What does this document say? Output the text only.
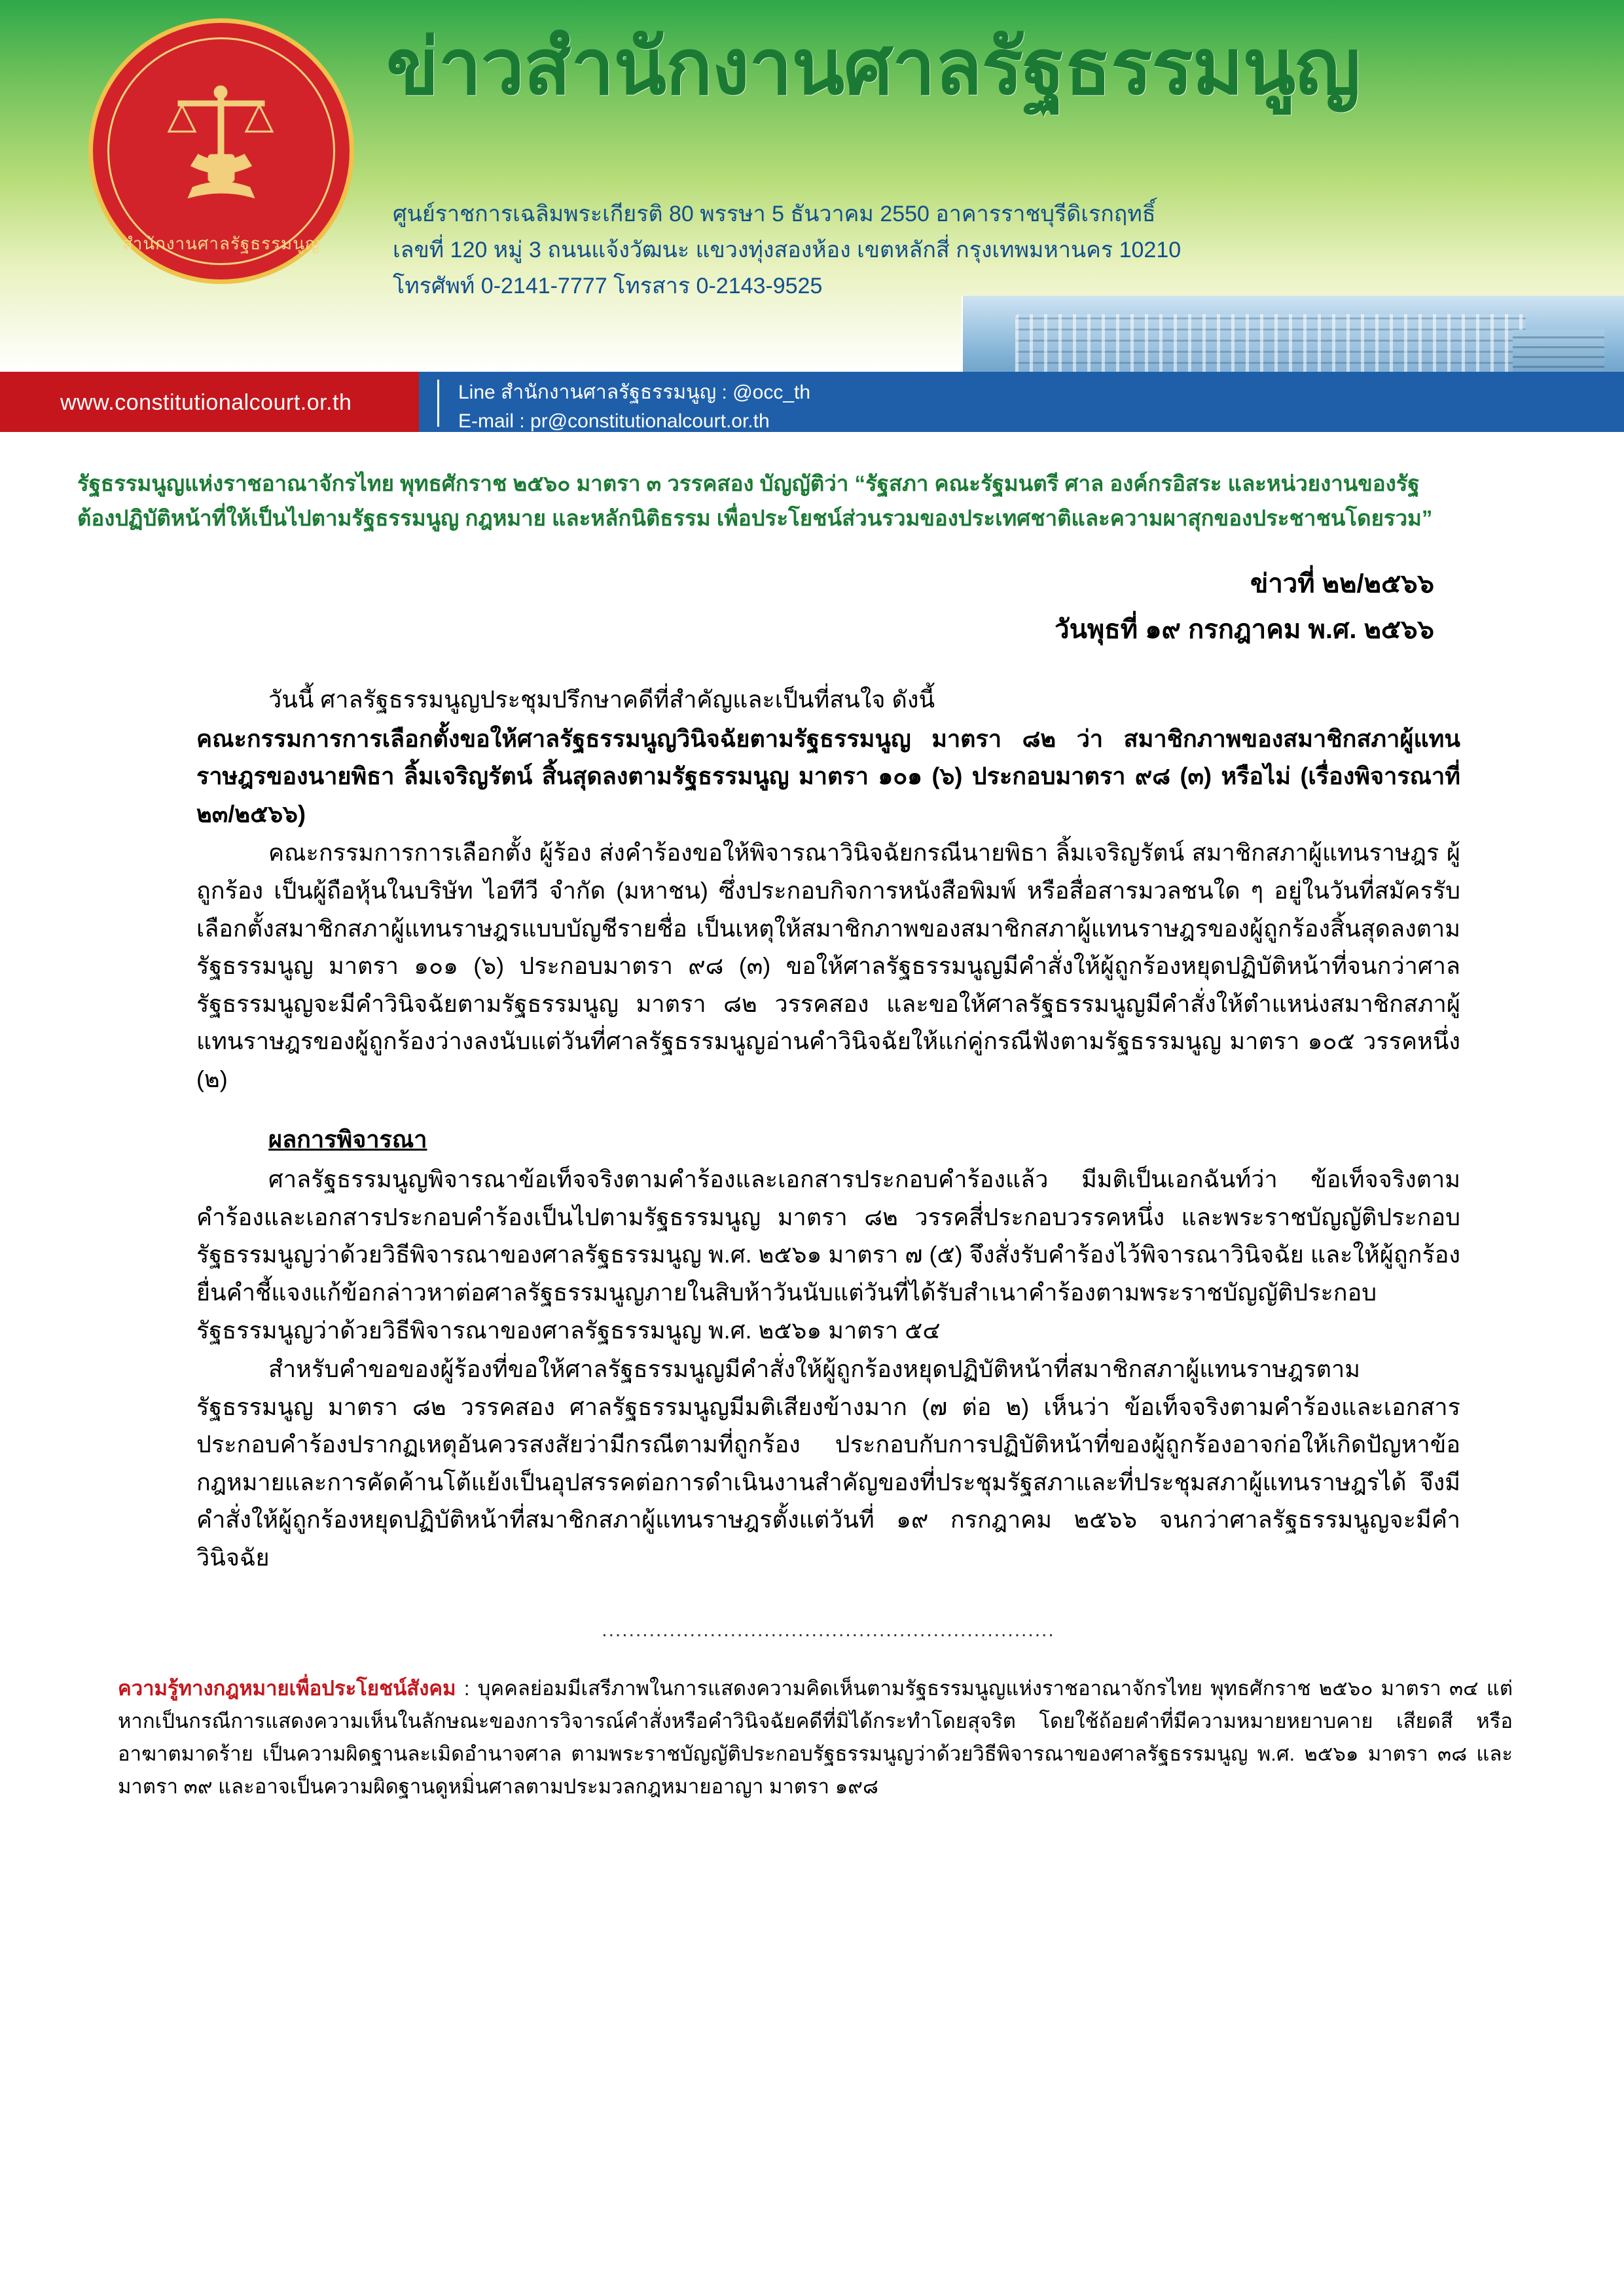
สำนักงานศาลรัฐธรรมนูญ
ข่าวสำนักงานศาลรัฐธรรมนูญ
ศูนย์ราชการเฉลิมพระเกียรติ 80 พรรษา 5 ธันวาคม 2550 อาคารราชบุรีดิเรกฤทธิ์
เลขที่ 120 หมู่ 3 ถนนแจ้งวัฒนะ แขวงทุ่งสองห้อง เขตหลักสี่ กรุงเทพมหานคร 10210
โทรศัพท์ 0-2141-7777 โทรสาร 0-2143-9525
www.constitutionalcourt.or.th	Line สำนักงานศาลรัฐธรรมนูญ : @occ_th
E-mail : pr@constitutionalcourt.or.th
รัฐธรรมนูญแห่งราชอาณาจักรไทย พุทธศักราช ๒๕๖๐ มาตรา ๓ วรรคสอง บัญญัติว่า “รัฐสภา คณะรัฐมนตรี ศาล องค์กรอิสระ และหน่วยงานของรัฐ
ต้องปฏิบัติหน้าที่ให้เป็นไปตามรัฐธรรมนูญ กฎหมาย และหลักนิติธรรม เพื่อประโยชน์ส่วนรวมของประเทศชาติและความผาสุกของประชาชนโดยรวม”
ข่าวที่ ๒๒/๒๕๖๖
วันพุธที่ ๑๙ กรกฎาคม พ.ศ. ๒๕๖๖

วันนี้ ศาลรัฐธรรมนูญประชุมปรึกษาคดีที่สำคัญและเป็นที่สนใจ ดังนี้

คณะกรรมการการเลือกตั้งขอให้ศาลรัฐธรรมนูญวินิจฉัยตามรัฐธรรมนูญ มาตรา ๘๒ ว่า สมาชิกภาพของสมาชิกสภาผู้แทนราษฎรของนายพิธา ลิ้มเจริญรัตน์ สิ้นสุดลงตามรัฐธรรมนูญ มาตรา ๑๐๑ (๖) ประกอบมาตรา ๙๘ (๓) หรือไม่ (เรื่องพิจารณาที่ ๒๓/๒๕๖๖)

คณะกรรมการการเลือกตั้ง ผู้ร้อง ส่งคำร้องขอให้พิจารณาวินิจฉัยกรณีนายพิธา ลิ้มเจริญรัตน์ สมาชิกสภาผู้แทนราษฎร ผู้ถูกร้อง เป็นผู้ถือหุ้นในบริษัท ไอทีวี จำกัด (มหาชน) ซึ่งประกอบกิจการหนังสือพิมพ์ หรือสื่อสารมวลชนใด ๆ อยู่ในวันที่สมัครรับเลือกตั้งสมาชิกสภาผู้แทนราษฎรแบบบัญชีรายชื่อ เป็นเหตุให้สมาชิกภาพของสมาชิกสภาผู้แทนราษฎรของผู้ถูกร้องสิ้นสุดลงตามรัฐธรรมนูญ มาตรา ๑๐๑ (๖) ประกอบมาตรา ๙๘ (๓) ขอให้ศาลรัฐธรรมนูญมีคำสั่งให้ผู้ถูกร้องหยุดปฏิบัติหน้าที่จนกว่าศาลรัฐธรรมนูญจะมีคำวินิจฉัยตามรัฐธรรมนูญ มาตรา ๘๒ วรรคสอง และขอให้ศาลรัฐธรรมนูญมีคำสั่งให้ตำแหน่งสมาชิกสภาผู้แทนราษฎรของผู้ถูกร้องว่างลงนับแต่วันที่ศาลรัฐธรรมนูญอ่านคำวินิจฉัยให้แก่คู่กรณีฟังตามรัฐธรรมนูญ มาตรา ๑๐๕ วรรคหนึ่ง (๒)

ผลการพิจารณา

ศาลรัฐธรรมนูญพิจารณาข้อเท็จจริงตามคำร้องและเอกสารประกอบคำร้องแล้ว มีมติเป็นเอกฉันท์ว่า ข้อเท็จจริงตามคำร้องและเอกสารประกอบคำร้องเป็นไปตามรัฐธรรมนูญ มาตรา ๘๒ วรรคสี่ประกอบวรรคหนึ่ง และพระราชบัญญัติประกอบรัฐธรรมนูญว่าด้วยวิธีพิจารณาของศาลรัฐธรรมนูญ พ.ศ. ๒๕๖๑ มาตรา ๗ (๕) จึงสั่งรับคำร้องไว้พิจารณาวินิจฉัย และให้ผู้ถูกร้องยื่นคำชี้แจงแก้ข้อกล่าวหาต่อศาลรัฐธรรมนูญภายในสิบห้าวันนับแต่วันที่ได้รับสำเนาคำร้องตามพระราชบัญญัติประกอบรัฐธรรมนูญว่าด้วยวิธีพิจารณาของศาลรัฐธรรมนูญ พ.ศ. ๒๕๖๑ มาตรา ๕๔

สำหรับคำขอของผู้ร้องที่ขอให้ศาลรัฐธรรมนูญมีคำสั่งให้ผู้ถูกร้องหยุดปฏิบัติหน้าที่สมาชิกสภาผู้แทนราษฎรตามรัฐธรรมนูญ มาตรา ๘๒ วรรคสอง ศาลรัฐธรรมนูญมีมติเสียงข้างมาก (๗ ต่อ ๒) เห็นว่า ข้อเท็จจริงตามคำร้องและเอกสารประกอบคำร้องปรากฏเหตุอันควรสงสัยว่ามีกรณีตามที่ถูกร้อง ประกอบกับการปฏิบัติหน้าที่ของผู้ถูกร้องอาจก่อให้เกิดปัญหาข้อกฎหมายและการคัดค้านโต้แย้งเป็นอุปสรรคต่อการดำเนินงานสำคัญของที่ประชุมรัฐสภาและที่ประชุมสภาผู้แทนราษฎรได้ จึงมีคำสั่งให้ผู้ถูกร้องหยุดปฏิบัติหน้าที่สมาชิกสภาผู้แทนราษฎรตั้งแต่วันที่ ๑๙ กรกฎาคม ๒๕๖๖ จนกว่าศาลรัฐธรรมนูญจะมีคำวินิจฉัย

...................................................................
ความรู้ทางกฎหมายเพื่อประโยชน์สังคม : บุคคลย่อมมีเสรีภาพในการแสดงความคิดเห็นตามรัฐธรรมนูญแห่งราชอาณาจักรไทย พุทธศักราช ๒๕๖๐ มาตรา ๓๔ แต่หากเป็นกรณีการแสดงความเห็นในลักษณะของการวิจารณ์คำสั่งหรือคำวินิจฉัยคดีที่มิได้กระทำโดยสุจริต โดยใช้ถ้อยคำที่มีความหมายหยาบคาย เสียดสี หรืออาฆาตมาดร้าย เป็นความผิดฐานละเมิดอำนาจศาล ตามพระราชบัญญัติประกอบรัฐธรรมนูญว่าด้วยวิธีพิจารณาของศาลรัฐธรรมนูญ พ.ศ. ๒๕๖๑ มาตรา ๓๘ และมาตรา ๓๙ และอาจเป็นความผิดฐานดูหมิ่นศาลตามประมวลกฎหมายอาญา มาตรา ๑๙๘
